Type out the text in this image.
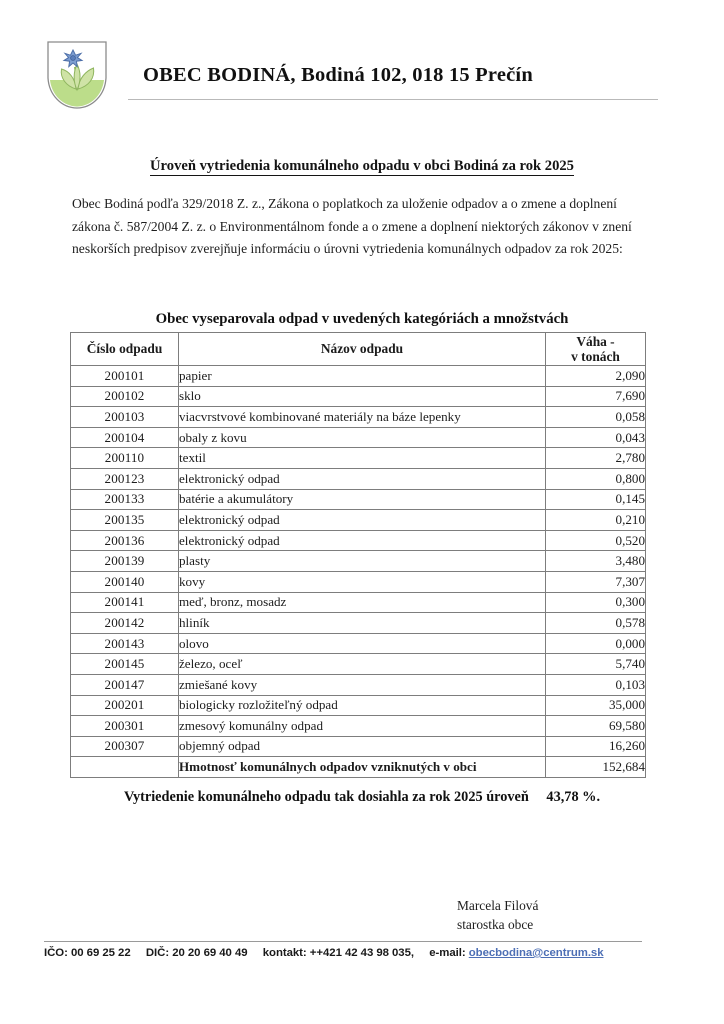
OBEC BODINÁ, Bodiná 102, 018 15 Prečín
Úroveň vytriedenia komunálneho odpadu v obci Bodiná za rok 2025

Obec Bodiná podľa 329/2018 Z. z., Zákona o poplatkoch za uloženie odpadov a o zmene a doplnení zákona č. 587/2004 Z. z. o Environmentálnom fonde a o zmene a doplnení niektorých zákonov v znení neskorších predpisov zverejňuje informáciu o úrovni vytriedenia komunálnych odpadov za rok 2025:

Obec vyseparovala odpad v uvedených kategóriách a množstvách
Číslo odpadu	Názov odpadu	Váha -
v tonách

200101	papier	2,090
200102	sklo	7,690
200103	viacvrstvové kombinované materiály na báze lepenky	0,058
200104	obaly z kovu	0,043
200110	textil	2,780
200123	elektronický odpad	0,800
200133	batérie a akumulátory	0,145
200135	elektronický odpad	0,210
200136	elektronický odpad	0,520
200139	plasty	3,480
200140	kovy	7,307
200141	meď, bronz, mosadz	0,300
200142	hliník	0,578
200143	olovo	0,000
200145	železo, oceľ	5,740
200147	zmiešané kovy	0,103
200201	biologicky rozložiteľný odpad	35,000
200301	zmesový komunálny odpad	69,580
200307	objemný odpad	16,260
	Hmotnosť komunálnych odpadov vzniknutých v obci	152,684
Vytriedenie komunálneho odpadu tak dosiahla za rok 2025 úroveň 43,78 %.
Marcela Filová
starostka obce
IČO: 00 69 25 22 DIČ: 20 20 69 40 49 kontakt: ++421 42 43 98 035, e-mail: obecbodina@centrum.sk
